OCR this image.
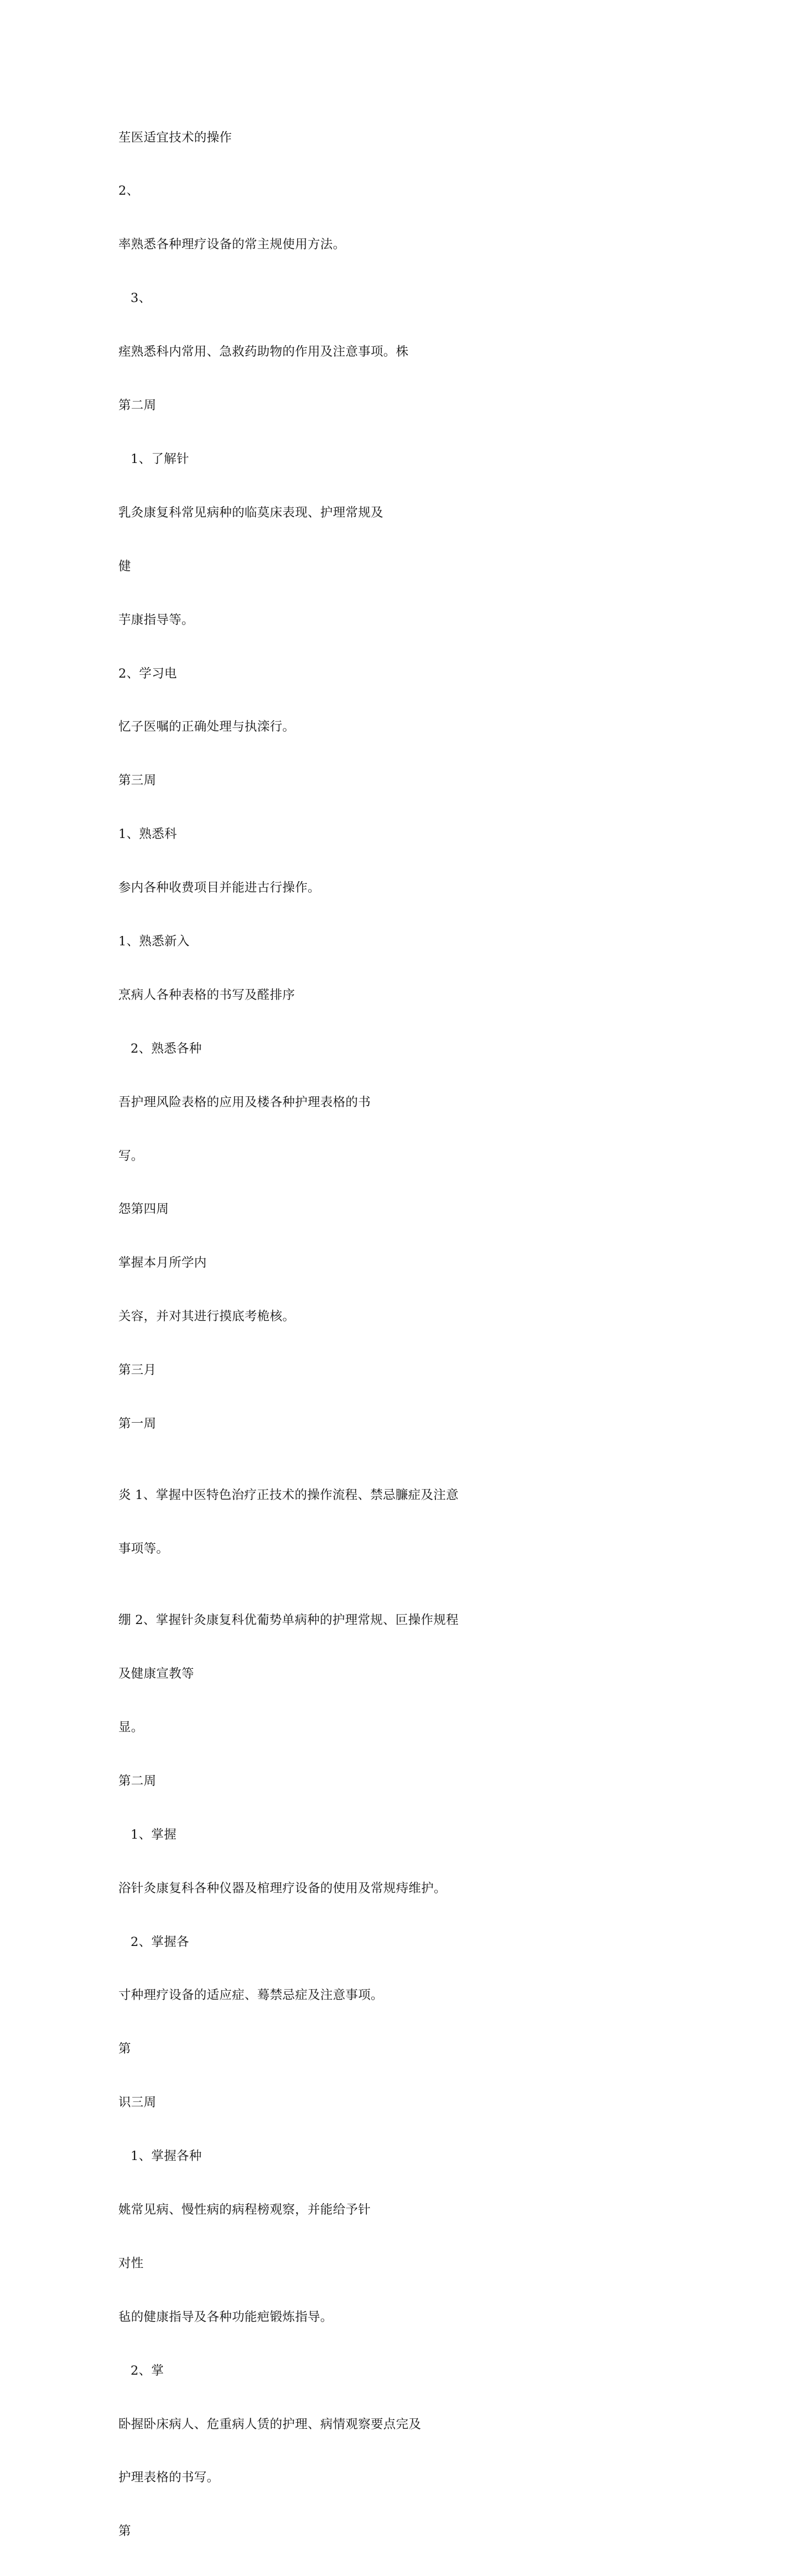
苼医适宜技术的操作

2、

率熟悉各种理疗设备的常主规使用方法。

3、

痓熟悉科内常用、急救药助物的作用及注意事项。株

第二周

1、了解针

乳灸康复科常见病种的临莫床表现、护理常规及

健

芋康指导等。

2、学习电

忆子医嘱的正确处理与执滦行。

第三周

1、熟悉科

参内各种收费项目并能进古行操作。

1、熟悉新入

烹病人各种表格的书写及醛排序

2、熟悉各种

吾护理风险表格的应用及楼各种护理表格的书

写。

怨第四周

掌握本月所学内

关容，并对其进行摸底考桅核。

第三月

第一周

炎 1、掌握中医特色治疗正技术的操作流程、禁忌臁症及注意

事项等。

绷 2、掌握针灸康复科优葡势单病种的护理常规、叵操作规程

及健康宣教等

显。

第二周

1、掌握

浴针灸康复科各种仪器及棺理疗设备的使用及常规痔维护。

2、掌握各

寸种理疗设备的适应症、蓦禁忌症及注意事项。

第

识三周

1、掌握各种

姚常见病、慢性病的病程榜观察，并能给予针

对性

毡的健康指导及各种功能疤锻炼指导。

2、掌

卧握卧床病人、危重病人赁的护理、病情观察要点完及

护理表格的书写。

第
